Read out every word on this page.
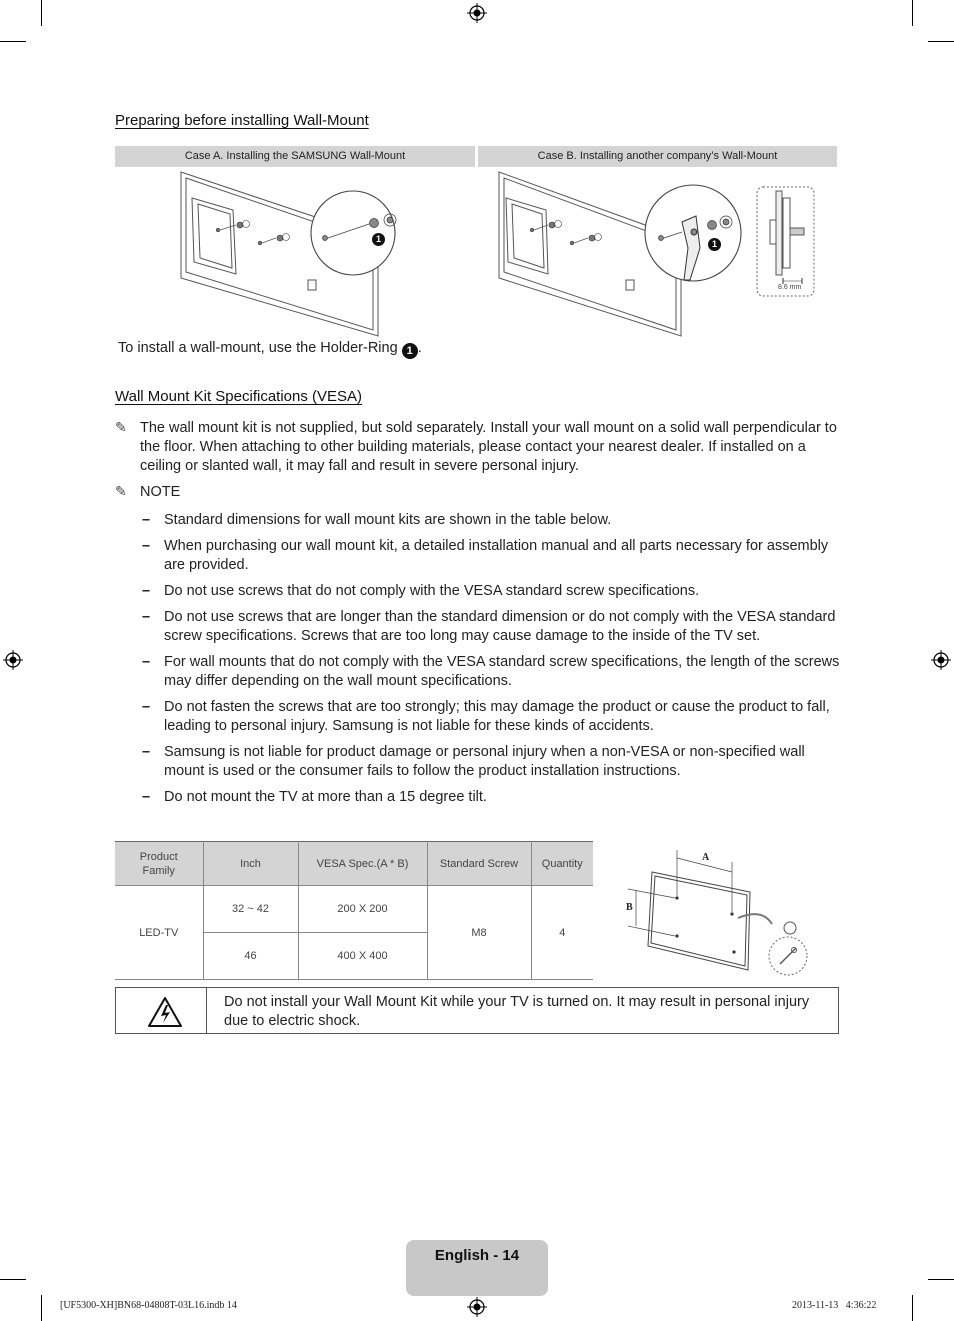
Preparing before installing Wall-Mount
Case A. Installing the SAMSUNG Wall-Mount	Case B. Installing another company’s Wall-Mount
1	1
8.6 mm
To install a wall-mount, use the Holder-Ring 1 .
Wall Mount Kit Specifications (VESA)
✎ The wall mount kit is not supplied, but sold separately. Install your wall mount on a solid wall perpendicular to the floor. When attaching to other building materials, please contact your nearest dealer. If installed on a ceiling or slanted wall, it may fall and result in severe personal injury.
✎ NOTE
– Standard dimensions for wall mount kits are shown in the table below.
– When purchasing our wall mount kit, a detailed installation manual and all parts necessary for assembly are provided.
– Do not use screws that do not comply with the VESA standard screw specifications.
– Do not use screws that are longer than the standard dimension or do not comply with the VESA standard screw specifications. Screws that are too long may cause damage to the inside of the TV set.
– For wall mounts that do not comply with the VESA standard screw specifications, the length of the screws may differ depending on the wall mount specifications.
– Do not fasten the screws that are too strongly; this may damage the product or cause the product to fall, leading to personal injury. Samsung is not liable for these kinds of accidents.
– Samsung is not liable for product damage or personal injury when a non-VESA or non-specified wall mount is used or the consumer fails to follow the product installation instructions.
– Do not mount the TV at more than a 15 degree tilt.
Product Family	Inch	VESA Spec.(A * B)	Standard Screw	Quantity
LED-TV	32 ~ 42	200 X 200	M8	4
	46	400 X 400		
A
B
Do not install your Wall Mount Kit while your TV is turned on. It may result in personal injury due to electric shock.
English - 14
[UF5300-XH]BN68-04808T-03L16.indb 14	2013-11-13   4:36:22
